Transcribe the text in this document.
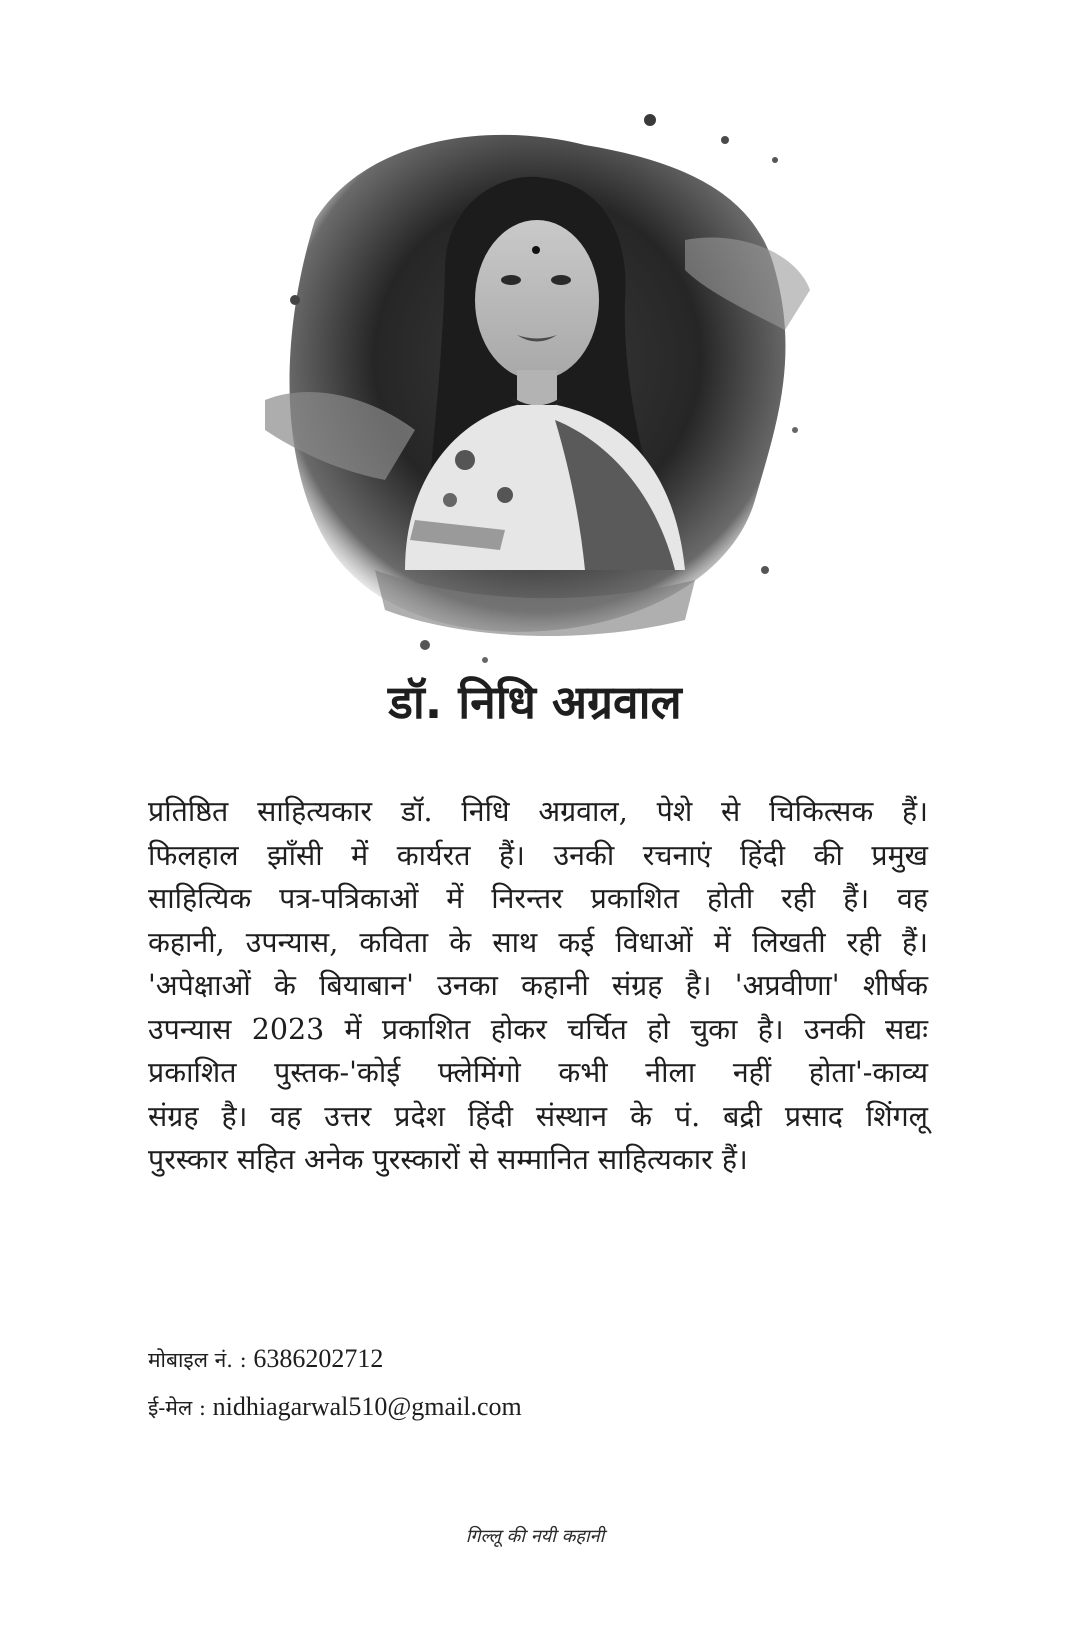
डॉ. निधि अग्रवाल
प्रतिष्ठित साहित्यकार डॉ. निधि अग्रवाल, पेशे से चिकित्सक हैं।
फिलहाल झाँसी में कार्यरत हैं। उनकी रचनाएं हिंदी की प्रमुख
साहित्यिक पत्र-पत्रिकाओं में निरन्तर प्रकाशित होती रही हैं। वह
कहानी, उपन्यास, कविता के साथ कई विधाओं में लिखती रही हैं।
'अपेक्षाओं के बियाबान' उनका कहानी संग्रह है। 'अप्रवीणा' शीर्षक
उपन्यास 2023 में प्रकाशित होकर चर्चित हो चुका है। उनकी सद्यः
प्रकाशित पुस्तक-'कोई फ्लेमिंगो कभी नीला नहीं होता'-काव्य
संग्रह है। वह उत्तर प्रदेश हिंदी संस्थान के पं. बद्री प्रसाद शिंगलू
पुरस्कार सहित अनेक पुरस्कारों से सम्मानित साहित्यकार हैं।
मोबाइल नं. : 6386202712
ई-मेल : nidhiagarwal510@gmail.com
गिल्लू की नयी कहानी
